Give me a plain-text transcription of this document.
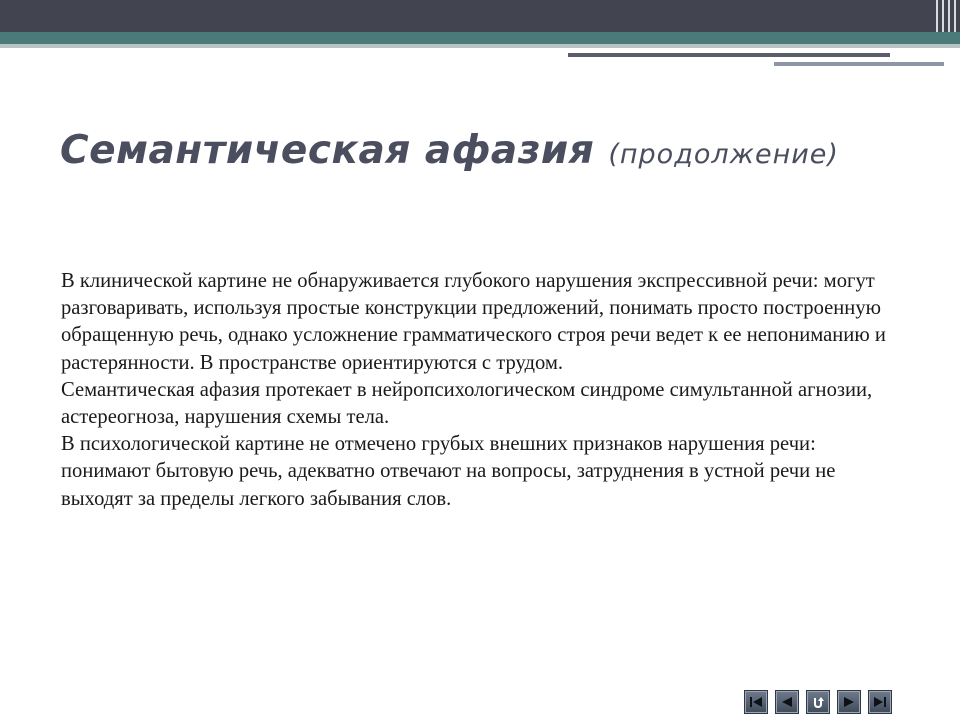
Семантическая афазия (продолжение)

В клинической картине не обнаруживается глубокого нарушения экспрессивной речи: могут разговаривать, используя простые конструкции предложений, понимать просто построенную обращенную речь, однако усложнение грамматического строя речи ведет к ее непониманию и растерянности. В пространстве ориентируются с трудом.

Семантическая афазия протекает в нейропсихологическом синдроме симультанной агнозии, астереогноза, нарушения схемы тела.

В психологической картине не отмечено грубых внешних признаков нарушения речи: понимают бытовую речь, адекватно отвечают на вопросы, затруднения в устной речи не выходят за пределы легкого забывания слов.
